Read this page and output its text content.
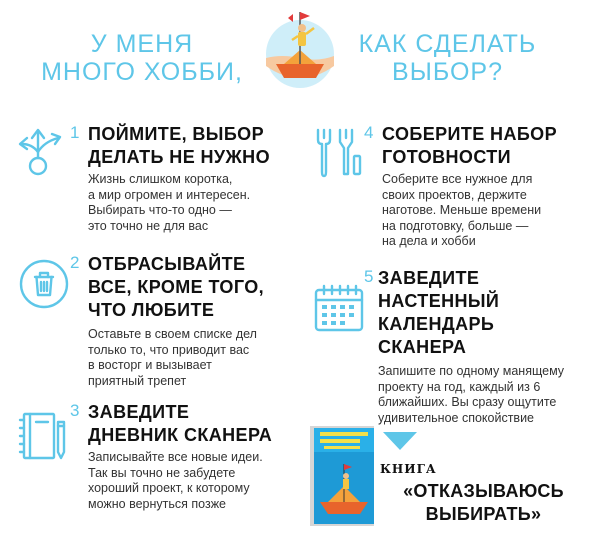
У МЕНЯ
МНОГО ХОББИ,
КАК СДЕЛАТЬ
ВЫБОР?
1 ПОЙМИТЕ, ВЫБОР
ДЕЛАТЬ НЕ НУЖНО
Жизнь слишком коротка,
а мир огромен и интересен.
Выбирать что-то одно —
это точно не для вас
2 ОТБРАСЫВАЙТЕ
ВСЕ, КРОМЕ ТОГО,
ЧТО ЛЮБИТЕ
Оставьте в своем списке дел
только то, что приводит вас
в восторг и вызывает
приятный трепет
3 ЗАВЕДИТЕ
ДНЕВНИК СКАНЕРА
Записывайте все новые идеи.
Так вы точно не забудете
хороший проект, к которому
можно вернуться позже
4 СОБЕРИТЕ НАБОР
ГОТОВНОСТИ
Соберите все нужное для
своих проектов, держите
наготове. Меньше времени
на подготовку, больше —
на дела и хобби
5 ЗАВЕДИТЕ
НАСТЕННЫЙ
КАЛЕНДАРЬ
СКАНЕРА
Запишите по одному манящему
проекту на год, каждый из 6
ближайших. Вы сразу ощутите
удивительное спокойствие
КНИГА
«ОТКАЗЫВАЮСЬ
ВЫБИРАТЬ»
